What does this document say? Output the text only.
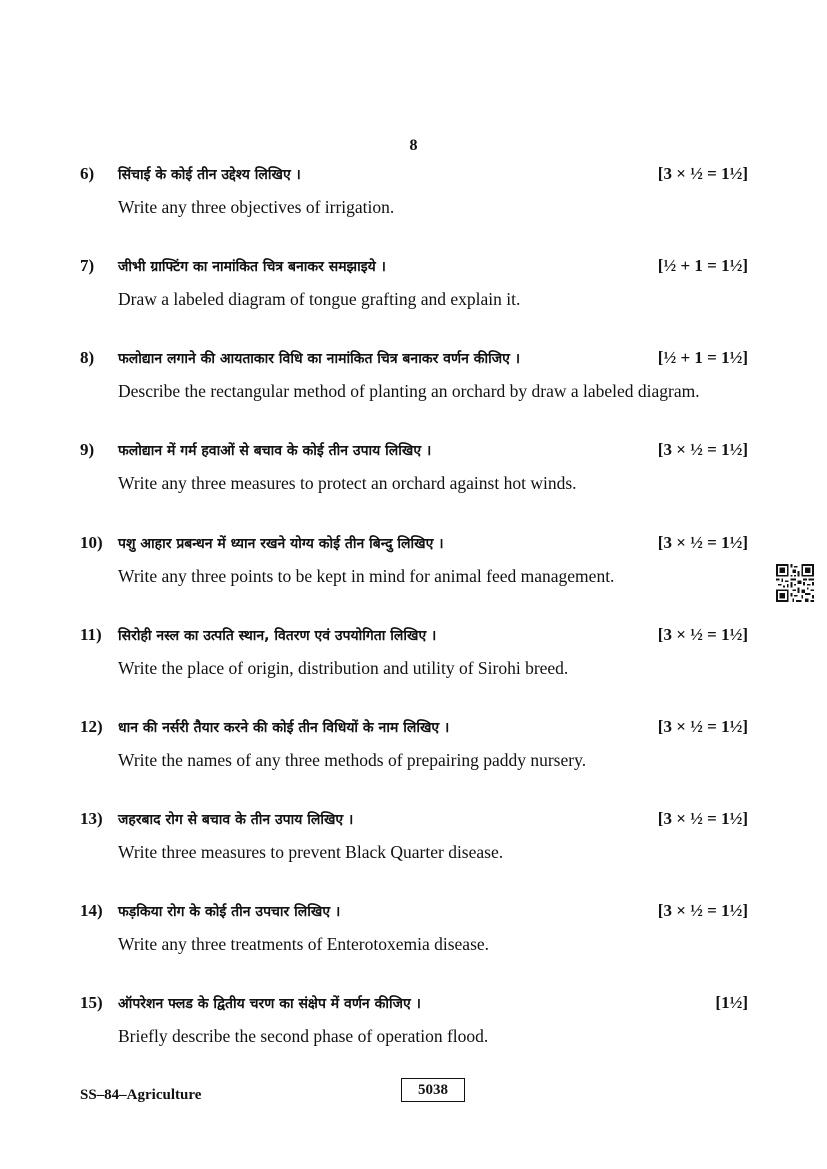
8
6) सिंचाई के कोई तीन उद्देश्य लिखिए ।	[3 × ½ = 1½]
Write any three objectives of irrigation.
7) जीभी ग्राफ्टिंग का नामांकित चित्र बनाकर समझाइये ।	[½ + 1 = 1½]
Draw a labeled diagram of tongue grafting and explain it.
8) फलोद्यान लगाने की आयताकार विधि का नामांकित चित्र बनाकर वर्णन कीजिए ।	[½ + 1 = 1½]
Describe the rectangular method of planting an orchard by draw a labeled diagram.
9) फलोद्यान में गर्म हवाओं से बचाव के कोई तीन उपाय लिखिए ।	[3 × ½ = 1½]
Write any three measures to protect an orchard against hot winds.
10) पशु आहार प्रबन्धन में ध्यान रखने योग्य कोई तीन बिन्दु लिखिए ।	[3 × ½ = 1½]
Write any three points to be kept in mind for animal feed management.
11) सिरोही नस्ल का उत्पति स्थान, वितरण एवं उपयोगिता लिखिए ।	[3 × ½ = 1½]
Write the place of origin, distribution and utility of Sirohi breed.
12) धान की नर्सरी तैयार करने की कोई तीन विधियों के नाम लिखिए ।	[3 × ½ = 1½]
Write the names of any three methods of prepairing paddy nursery.
13) जहरबाद रोग से बचाव के तीन उपाय लिखिए ।	[3 × ½ = 1½]
Write three measures to prevent Black Quarter disease.
14) फड़किया रोग के कोई तीन उपचार लिखिए ।	[3 × ½ = 1½]
Write any three treatments of Enterotoxemia disease.
15) ऑपरेशन फ्लड के द्वितीय चरण का संक्षेप में वर्णन कीजिए ।	[1½]
Briefly describe the second phase of operation flood.
SS–84–Agriculture	5038
